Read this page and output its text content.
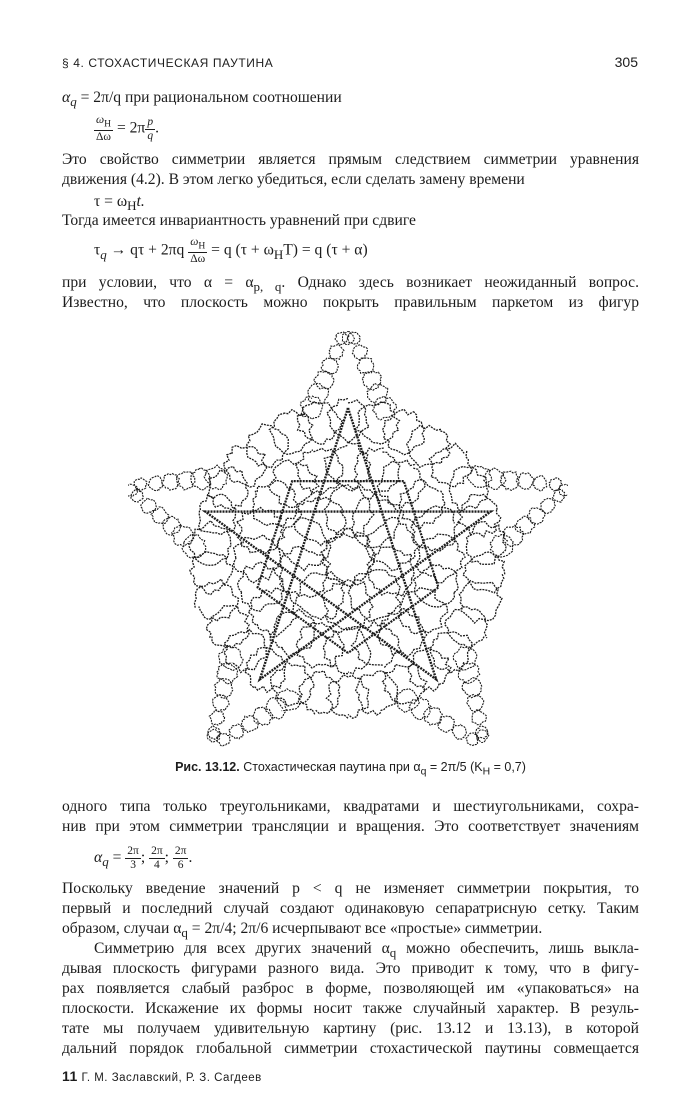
§ 4. СТОХАСТИЧЕСКАЯ ПАУТИНА	305
$\alpha_q = 2\pi/q$ при рациональном соотношении
$\frac{\omega_H}{\Delta\omega} = 2\pi \frac{p}{q}$ .
Это свойство симметрии является прямым следствием симметрии уравнения
движения (4.2). В этом легко убедиться, если сделать замену времени
$\tau = \omega_Ht$.
Тогда имеется инвариантность уравнений при сдвиге
$\tau_q \to q\tau + 2\pi q \frac{\omega_H}{\Delta\omega} = q$ $(\tau + \omega_HT) = q$ (τ + α)
при условии, что $\alpha = \alpha_{p, q}$. Однако здесь возникает неожиданный вопрос.
Известно, что плоскость можно покрыть правильным паркетом из фигур
Рис. 13.12. Стохастическая паутина при $\alpha_q = 2\pi/5$ $(K_H = 0,7)$
одного типа только треугольниками, квадратами и шестиугольниками, сохра-
нив при этом симметрии трансляции и вращения. Это соответствует значениям
$\alpha_q = \frac{2\pi}{3}$ ; $\frac{2\pi}{4}$ ; $\frac{2\pi}{6}$ .
Поскольку введение значений p < q не изменяет симметрии покрытия, то
первый и последний случай создают одинаковую сепаратрисную сетку. Таким
образом, случаи $\alpha_q = 2\pi/4$; 2π/6 исчерпывают все «простые» симметрии.
Симметрию для всех других значений $\alpha_q$ можно обеспечить, лишь выкла-
дывая плоскость фигурами разного вида. Это приводит к тому, что в фигу-
рах появляется слабый разброс в форме, позволяющей им «упаковаться» на
плоскости. Искажение их формы носит также случайный характер. В резуль-
тате мы получаем удивительную картину (рис. 13.12 и 13.13), в которой
дальний порядок глобальной симметрии стохастической паутины совмещается
11 Г. М. Заславский, Р. З. Сагдеев
